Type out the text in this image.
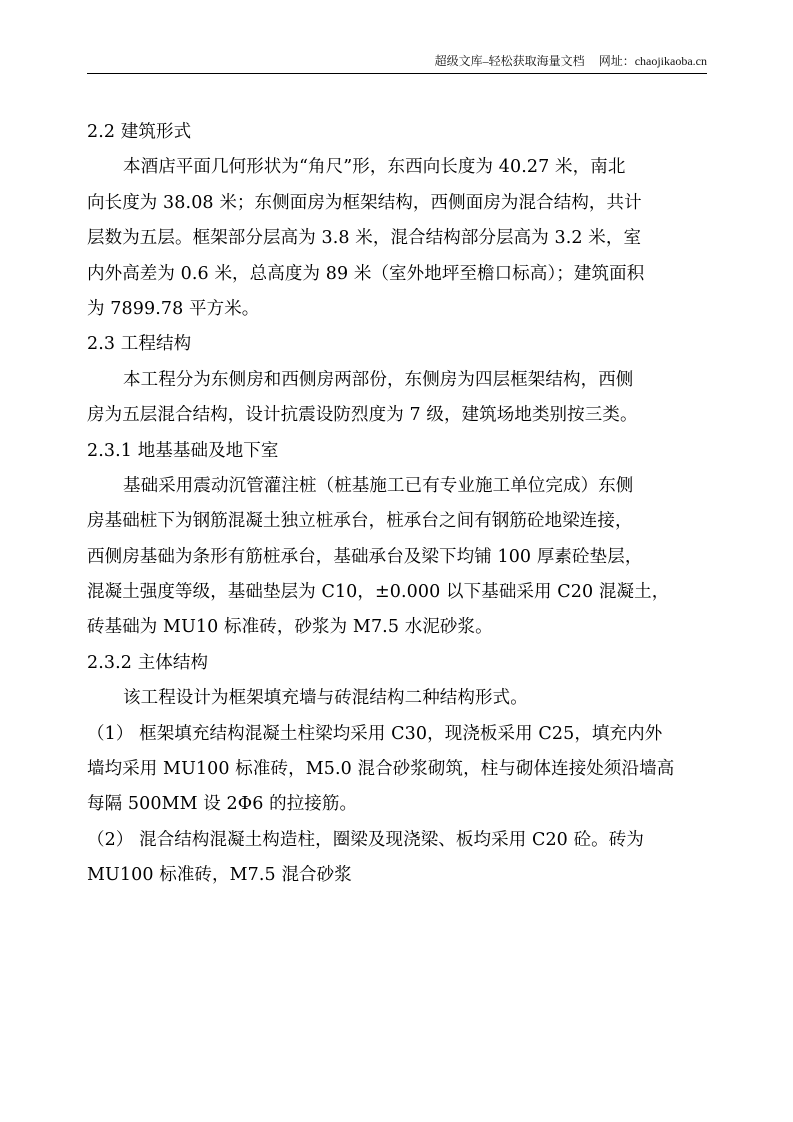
超级文库–轻松获取海量文档 网址：chaojikaoba.cn
2.2 建筑形式
本酒店平面几何形状为“角尺”形，东西向长度为 40.27 米，南北
向长度为 38.08 米；东侧面房为框架结构，西侧面房为混合结构，共计
层数为五层。框架部分层高为 3.8 米，混合结构部分层高为 3.2 米，室
内外高差为 0.6 米，总高度为 89 米（室外地坪至檐口标高）；建筑面积
为 7899.78 平方米。
2.3 工程结构
本工程分为东侧房和西侧房两部份，东侧房为四层框架结构，西侧
房为五层混合结构，设计抗震设防烈度为 7 级，建筑场地类别按三类。
2.3.1 地基基础及地下室
基础采用震动沉管灌注桩（桩基施工已有专业施工单位完成）东侧
房基础桩下为钢筋混凝土独立桩承台，桩承台之间有钢筋砼地梁连接，
西侧房基础为条形有筋桩承台，基础承台及梁下均铺 100 厚素砼垫层，
混凝土强度等级，基础垫层为 C10，±0.000 以下基础采用 C20 混凝土，
砖基础为 MU10 标准砖，砂浆为 M7.5 水泥砂浆。
2.3.2 主体结构
该工程设计为框架填充墙与砖混结构二种结构形式。
（1） 框架填充结构混凝土柱梁均采用 C30，现浇板采用 C25，填充内外
墙均采用 MU100 标准砖，M5.0 混合砂浆砌筑，柱与砌体连接处须沿墙高
每隔 500MM 设 2Φ6 的拉接筋。
（2） 混合结构混凝土构造柱，圈梁及现浇梁、板均采用 C20 砼。砖为
MU100 标准砖，M7.5 混合砂浆
